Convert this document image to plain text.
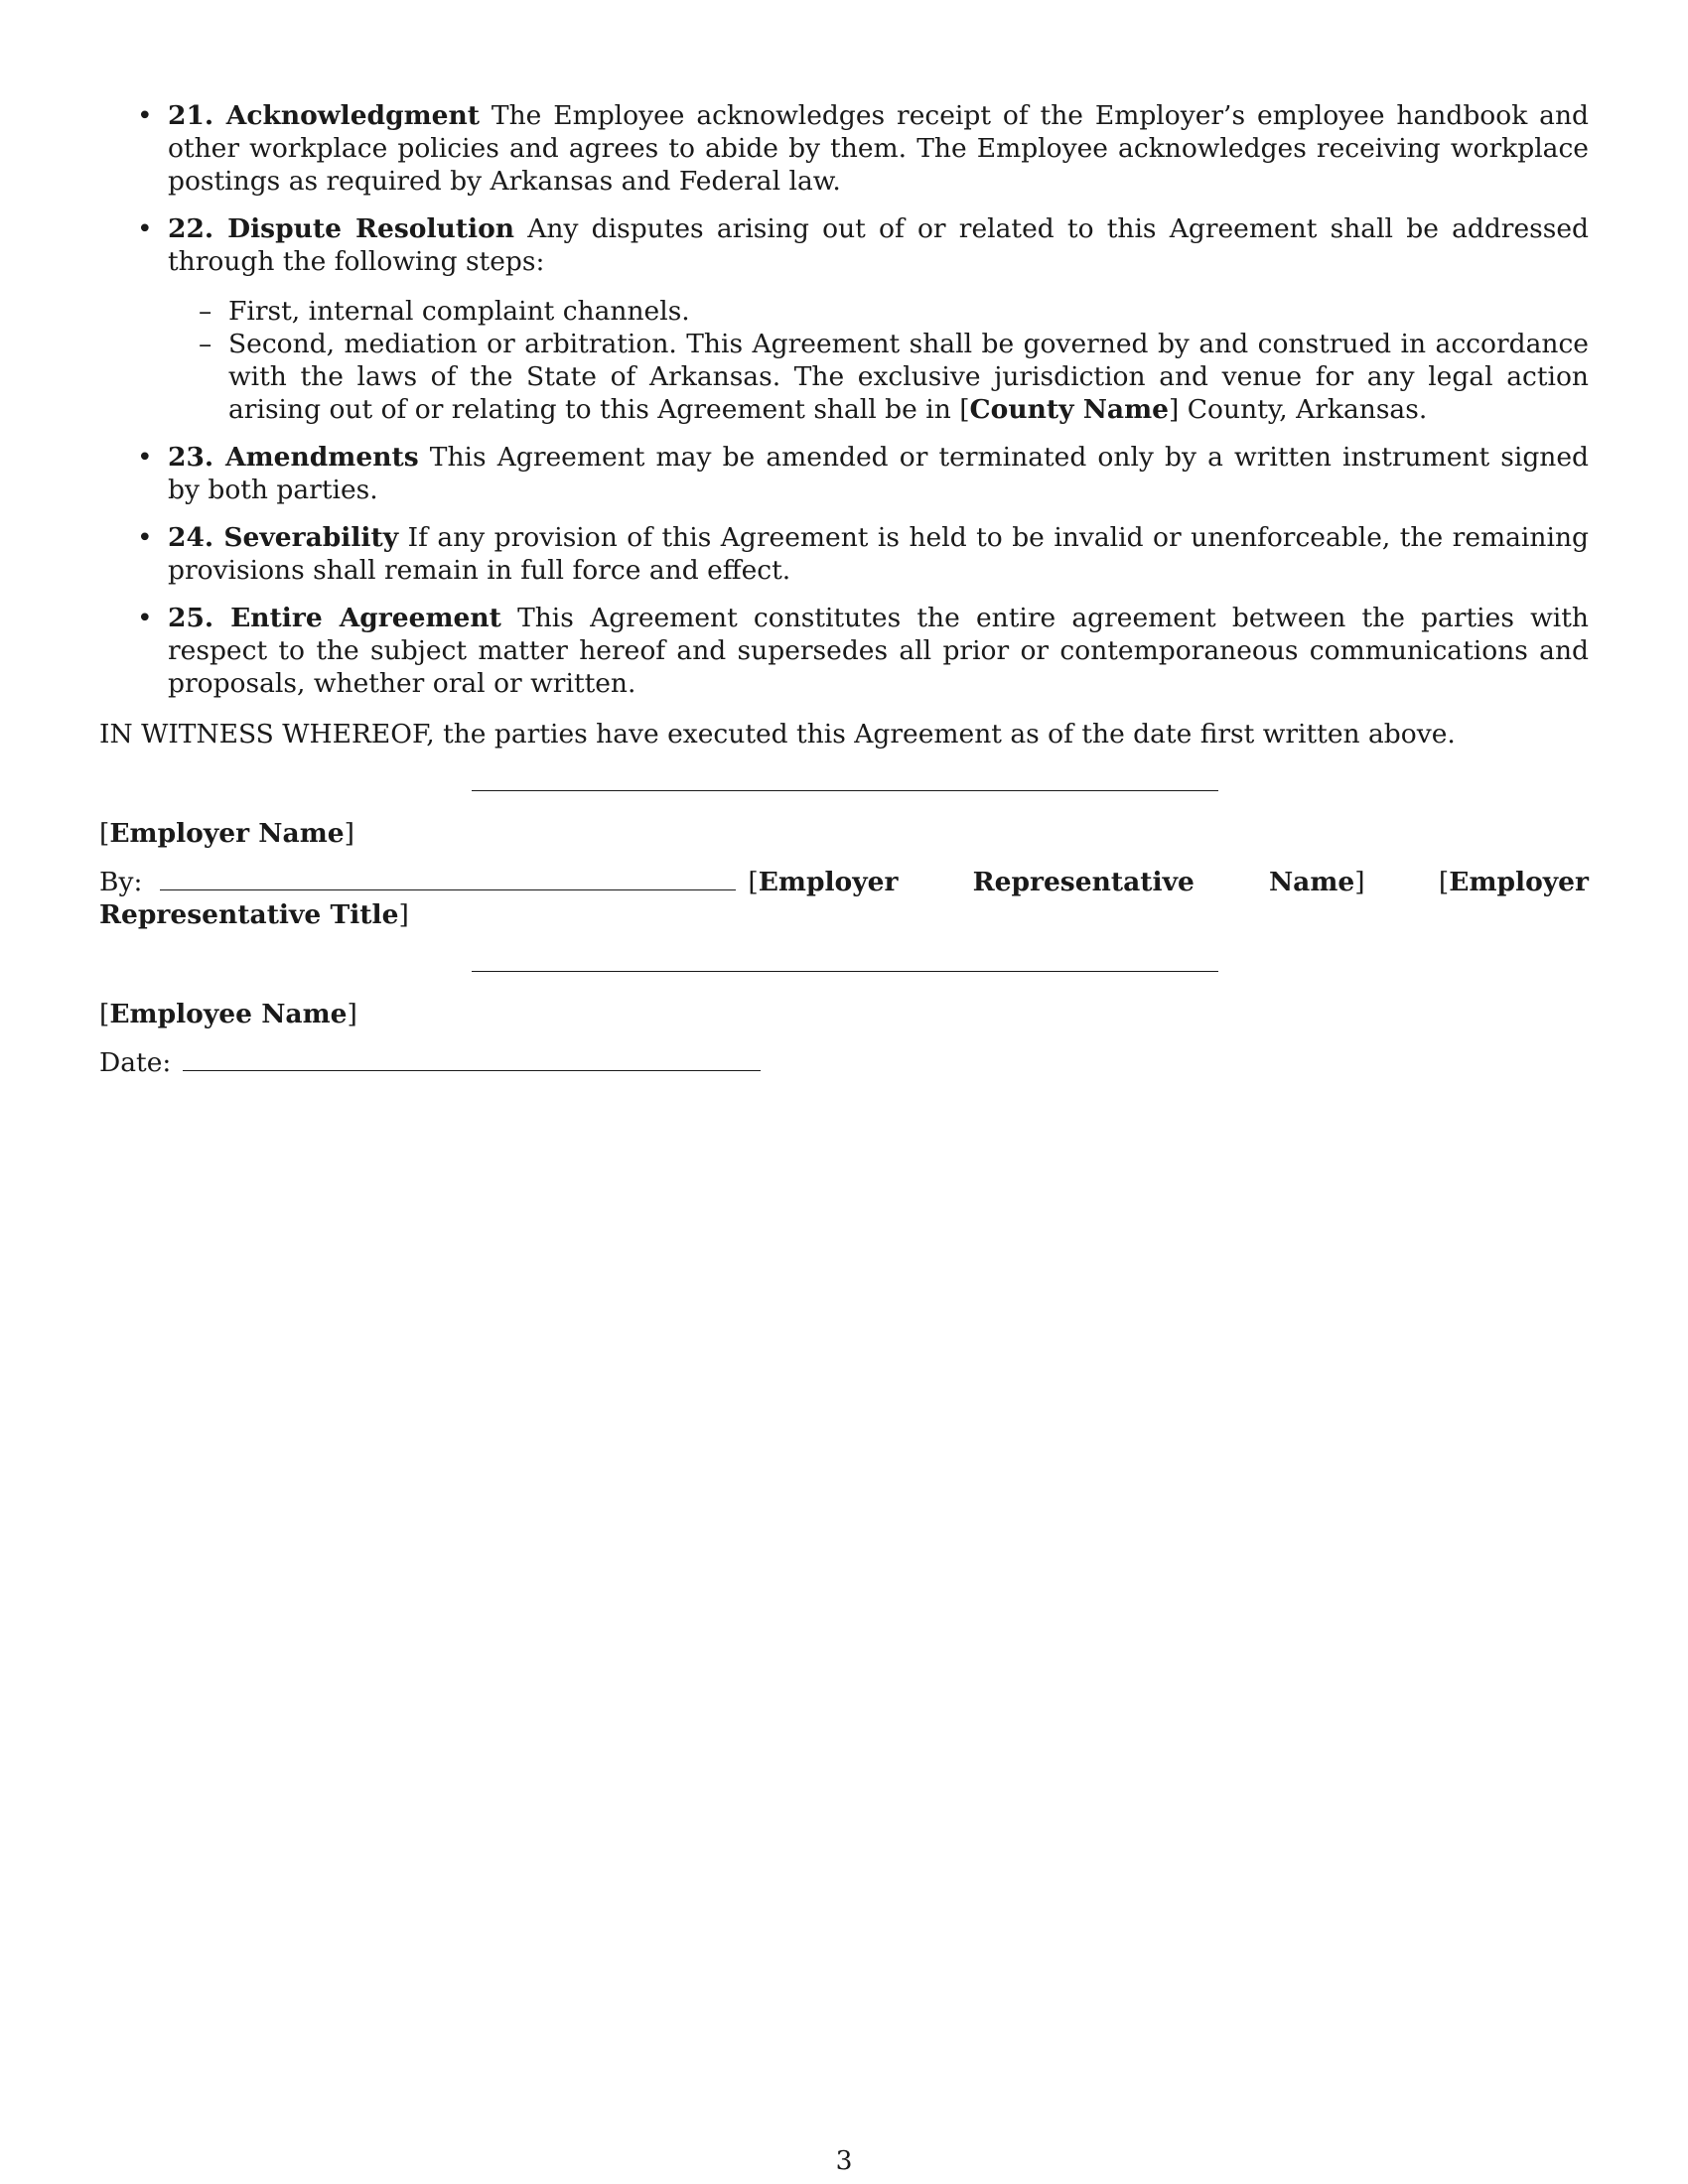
• 21. Acknowledgment The Employee acknowledges receipt of the Employer’s employee handbook and other workplace policies and agrees to abide by them. The Employee acknowledges receiving workplace postings as required by Arkansas and Federal law.
• 22. Dispute Resolution Any disputes arising out of or related to this Agreement shall be addressed through the following steps:
– First, internal complaint channels.
– Second, mediation or arbitration. This Agreement shall be governed by and construed in accordance with the laws of the State of Arkansas. The exclusive jurisdiction and venue for any legal action arising out of or relating to this Agreement shall be in [County Name] County, Arkansas.
• 23. Amendments This Agreement may be amended or terminated only by a written instrument signed by both parties.
• 24. Severability If any provision of this Agreement is held to be invalid or unenforceable, the remaining provisions shall remain in full force and effect.
• 25. Entire Agreement This Agreement constitutes the entire agreement between the parties with respect to the subject matter hereof and supersedes all prior or contemporaneous communications and proposals, whether oral or written.
IN WITNESS WHEREOF, the parties have executed this Agreement as of the date first written above.
[Employer Name]
By:	[Employer Representative Name]	[Employer Representative Title]
[Employee Name]
Date:
3
